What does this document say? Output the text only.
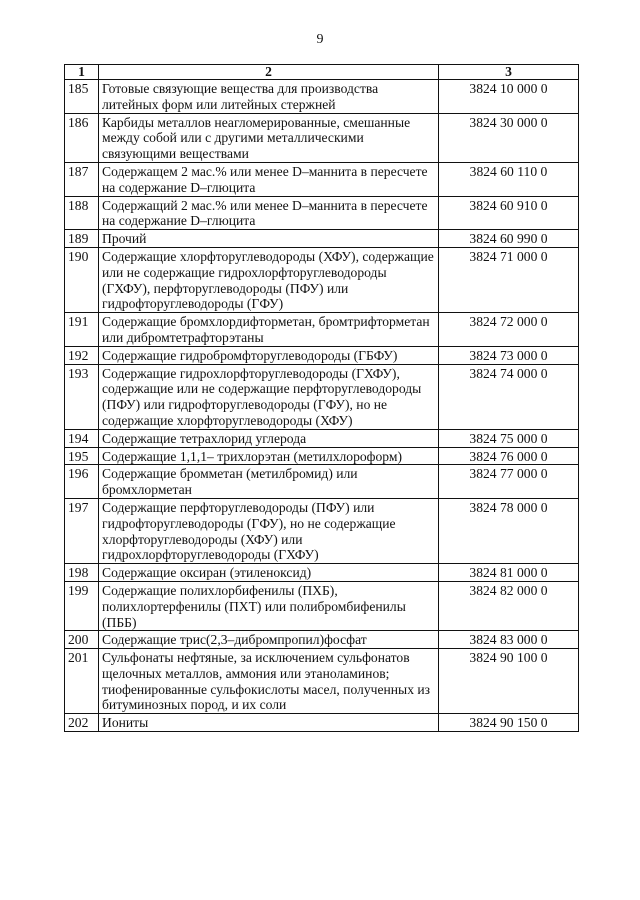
9
1	2	3
185	Готовые связующие вещества для производства литейных форм или литейных стержней	3824 10 000 0
186	Карбиды металлов неагломерированные, смешанные между собой или с другими металлическими связующими веществами	3824 30 000 0
187	Содержащем 2 мас.% или менее D–маннита в пересчете на содержание D–глюцита	3824 60 110 0
188	Содержащий 2 мас.% или менее D–маннита в пересчете на содержание D–глюцита	3824 60 910 0
189	Прочий	3824 60 990 0
190	Содержащие хлорфторуглеводороды (ХФУ), содержащие или не содержащие гидрохлорфторуглеводороды (ГХФУ), перфторуглеводороды (ПФУ) или гидрофторуглеводороды (ГФУ)	3824 71 000 0
191	Содержащие бромхлордифторметан, бромтрифторметан или дибромтетрафторэтаны	3824 72 000 0
192	Содержащие гидробромфторуглеводороды (ГБФУ)	3824 73 000 0
193	Содержащие гидрохлорфторуглеводороды (ГХФУ), содержащие или не содержащие перфторуглеводороды (ПФУ) или гидрофторуглеводороды (ГФУ), но не содержащие хлорфторуглеводороды (ХФУ)	3824 74 000 0
194	Содержащие тетрахлорид углерода	3824 75 000 0
195	Содержащие 1,1,1– трихлорэтан (метилхлороформ)	3824 76 000 0
196	Содержащие бромметан (метилбромид) или бромхлорметан	3824 77 000 0
197	Содержащие перфторуглеводороды (ПФУ) или гидрофторуглеводороды (ГФУ), но не содержащие хлорфторуглеводороды (ХФУ) или гидрохлорфторуглеводороды (ГХФУ)	3824 78 000 0
198	Содержащие оксиран (этиленоксид)	3824 81 000 0
199	Содержащие полихлорбифенилы (ПХБ), полихлортерфенилы (ПХТ) или полибромбифенилы (ПББ)	3824 82 000 0
200	Содержащие трис(2,3–дибромпропил)фосфат	3824 83 000 0
201	Сульфонаты нефтяные, за исключением сульфонатов щелочных металлов, аммония или этаноламинов; тиофенированные сульфокислоты масел, полученных из битуминозных пород, и их соли	3824 90 100 0
202	Иониты	3824 90 150 0
